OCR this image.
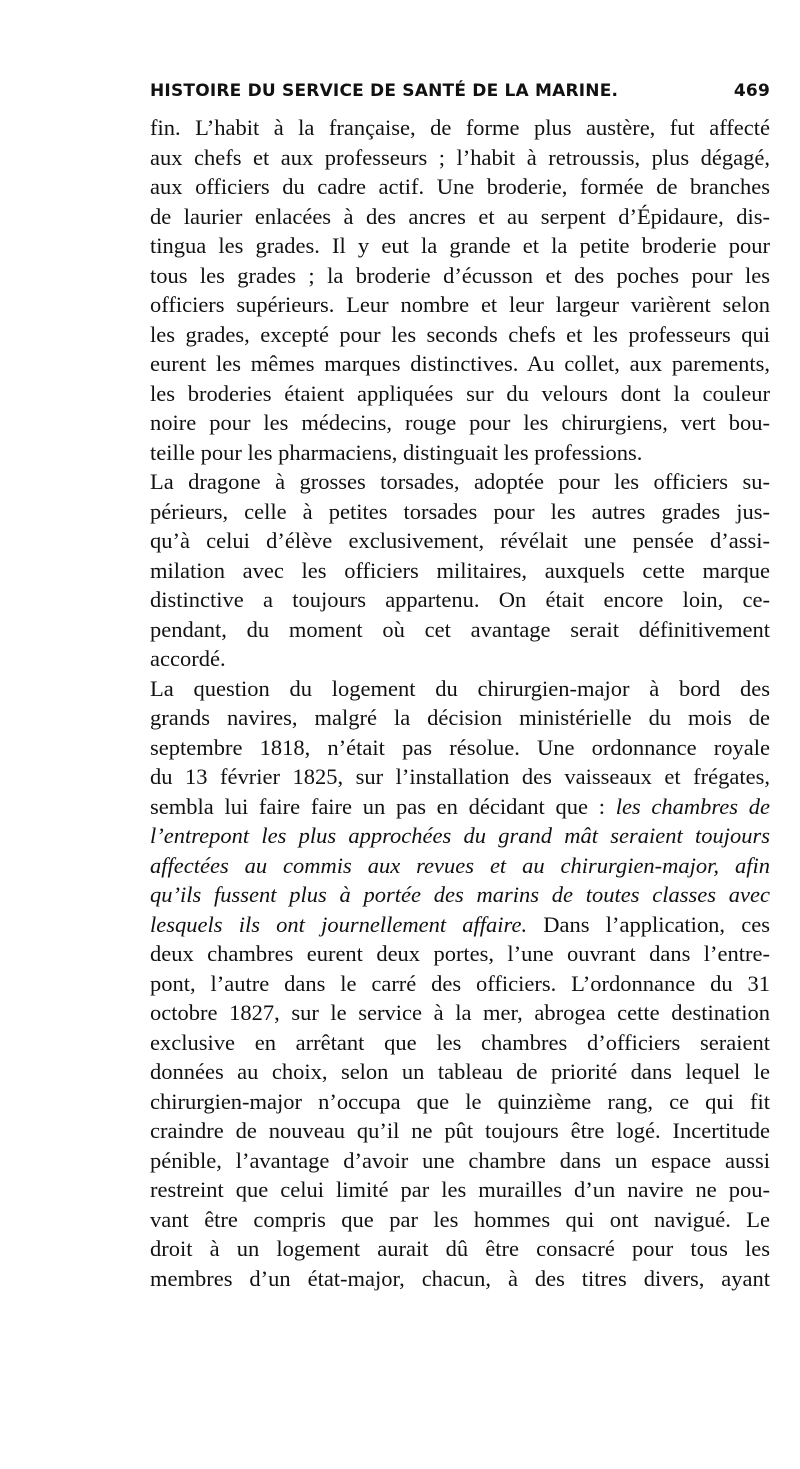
HISTOIRE DU SERVICE DE SANTÉ DE LA MARINE.	469
fin. L’habit à la française, de forme plus austère, fut affecté
aux chefs et aux professeurs ; l’habit à retroussis, plus dégagé,
aux officiers du cadre actif. Une broderie, formée de branches
de laurier enlacées à des ancres et au serpent d’Épidaure, dis-
tingua les grades. Il y eut la grande et la petite broderie pour
tous les grades ; la broderie d’écusson et des poches pour les
officiers supérieurs. Leur nombre et leur largeur varièrent selon
les grades, excepté pour les seconds chefs et les professeurs qui
eurent les mêmes marques distinctives. Au collet, aux parements,
les broderies étaient appliquées sur du velours dont la couleur
noire pour les médecins, rouge pour les chirurgiens, vert bou-
teille pour les pharmaciens, distinguait les professions.
La dragone à grosses torsades, adoptée pour les officiers su-
périeurs, celle à petites torsades pour les autres grades jus-
qu’à celui d’élève exclusivement, révélait une pensée d’assi-
milation avec les officiers militaires, auxquels cette marque
distinctive a toujours appartenu. On était encore loin, ce-
pendant, du moment où cet avantage serait définitivement
accordé.
La question du logement du chirurgien-major à bord des
grands navires, malgré la décision ministérielle du mois de
septembre 1818, n’était pas résolue. Une ordonnance royale
du 13 février 1825, sur l’installation des vaisseaux et frégates,
sembla lui faire faire un pas en décidant que : les chambres de
l’entrepont les plus approchées du grand mât seraient toujours
affectées au commis aux revues et au chirurgien-major, afin
qu’ils fussent plus à portée des marins de toutes classes avec
lesquels ils ont journellement affaire. Dans l’application, ces
deux chambres eurent deux portes, l’une ouvrant dans l’entre-
pont, l’autre dans le carré des officiers. L’ordonnance du 31
octobre 1827, sur le service à la mer, abrogea cette destination
exclusive en arrêtant que les chambres d’officiers seraient
données au choix, selon un tableau de priorité dans lequel le
chirurgien-major n’occupa que le quinzième rang, ce qui fit
craindre de nouveau qu’il ne pût toujours être logé. Incertitude
pénible, l’avantage d’avoir une chambre dans un espace aussi
restreint que celui limité par les murailles d’un navire ne pou-
vant être compris que par les hommes qui ont navigué. Le
droit à un logement aurait dû être consacré pour tous les
membres d’un état-major, chacun, à des titres divers, ayant
